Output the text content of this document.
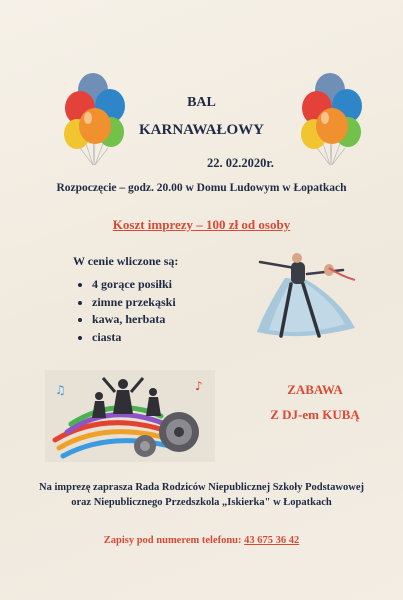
BAL
KARNAWAŁOWY
22. 02.2020r.
Rozpoczęcie – godz. 20.00 w Domu Ludowym w Łopatkach
Koszt imprezy – 100 zł od osoby
W cenie wliczone są:
4 gorące posiłki
zimne przekąski
kawa, herbata
ciasta
♪
♫	ZABAWA
Z DJ-em KUBĄ
Na imprezę zaprasza Rada Rodziców Niepublicznej Szkoły Podstawowej
oraz Niepublicznego Przedszkola „Iskierka" w Łopatkach
Zapisy pod numerem telefonu: 43 675 36 42
